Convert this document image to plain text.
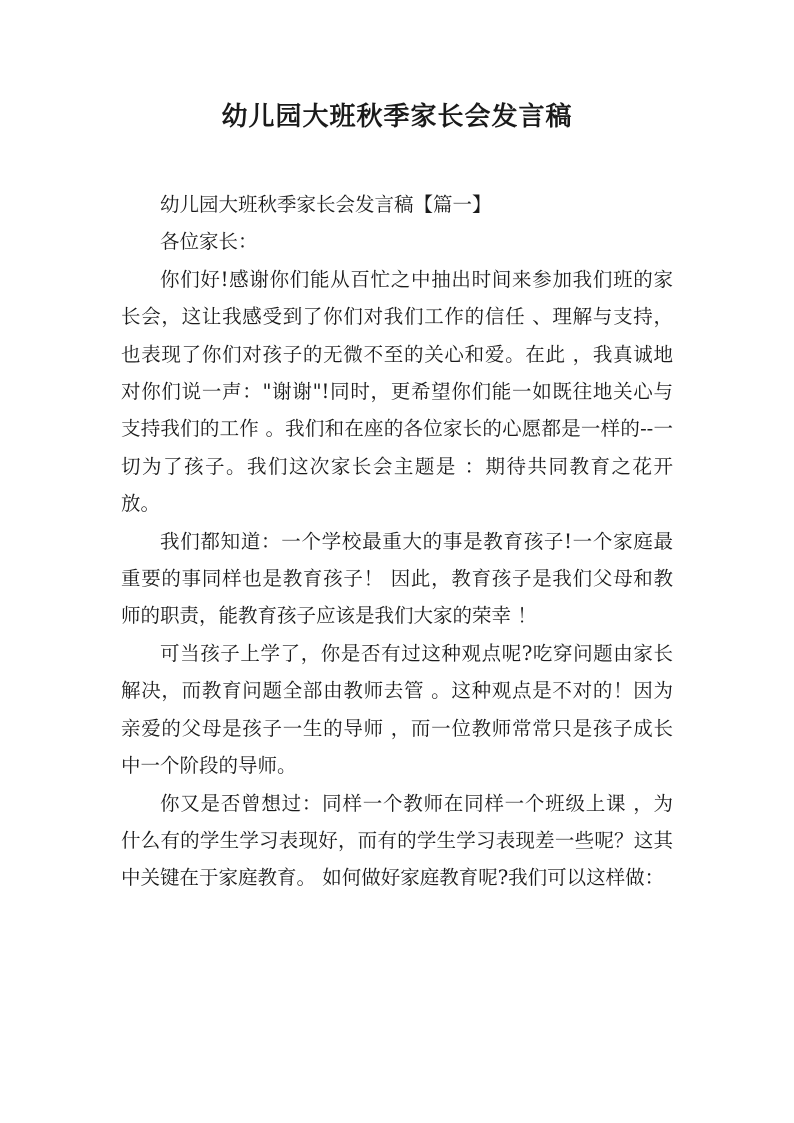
幼儿园大班秋季家长会发言稿

幼儿园大班秋季家长会发言稿【篇一】

各位家长：

你们好!感谢你们能从百忙之中抽出时间来参加我们班的家长会，这让我感受到了你们对我们工作的信任 、理解与支持，也表现了你们对孩子的无微不至的关心和爱。在此 ，我真诚地对你们说一声："谢谢"!同时，更希望你们能一如既往地关心与支持我们的工作 。我们和在座的各位家长的心愿都是一样的--一切为了孩子。我们这次家长会主题是 ：期待共同教育之花开放。

我们都知道：一个学校最重大的事是教育孩子!一个家庭最重要的事同样也是教育孩子！ 因此，教育孩子是我们父母和教师的职责，能教育孩子应该是我们大家的荣幸 ！

可当孩子上学了，你是否有过这种观点呢?吃穿问题由家长解决，而教育问题全部由教师去管 。这种观点是不对的！因为亲爱的父母是孩子一生的导师 ，而一位教师常常只是孩子成长中一个阶段的导师。

你又是否曾想过：同样一个教师在同样一个班级上课 ，为什么有的学生学习表现好，而有的学生学习表现差一些呢？这其中关键在于家庭教育。 如何做好家庭教育呢?我们可以这样做：
